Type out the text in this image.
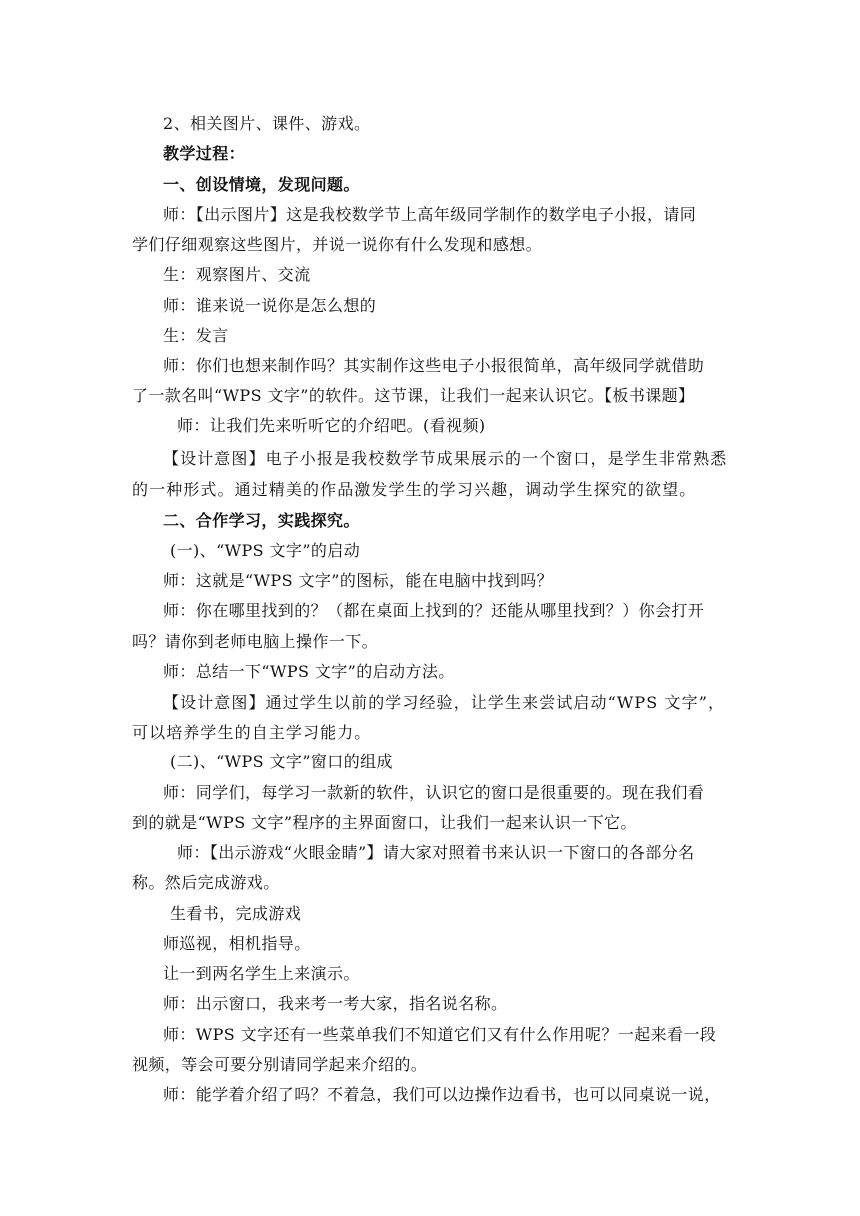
2、相关图片、课件、游戏。
教学过程：
一、创设情境，发现问题。
师：【出示图片】这是我校数学节上高年级同学制作的数学电子小报，请同
学们仔细观察这些图片，并说一说你有什么发现和感想。
生：观察图片、交流
师：谁来说一说你是怎么想的
生：发言
师：你们也想来制作吗？其实制作这些电子小报很简单，高年级同学就借助
了一款名叫“WPS 文字”的软件。这节课，让我们一起来认识它。【板书课题】
师：让我们先来听听它的介绍吧。(看视频)
【设计意图】电子小报是我校数学节成果展示的一个窗口，是学生非常熟悉
的一种形式。通过精美的作品激发学生的学习兴趣，调动学生探究的欲望。
二、合作学习，实践探究。
(一)、“WPS 文字”的启动
师：这就是“WPS 文字”的图标，能在电脑中找到吗？
师：你在哪里找到的？（都在桌面上找到的？还能从哪里找到？）你会打开
吗？请你到老师电脑上操作一下。
师：总结一下“WPS 文字”的启动方法。
【设计意图】通过学生以前的学习经验，让学生来尝试启动“WPS 文字”，
可以培养学生的自主学习能力。
(二)、“WPS 文字”窗口的组成
师：同学们，每学习一款新的软件，认识它的窗口是很重要的。现在我们看
到的就是“WPS 文字”程序的主界面窗口，让我们一起来认识一下它。
师：【出示游戏“火眼金睛”】请大家对照着书来认识一下窗口的各部分名
称。然后完成游戏。
生看书，完成游戏
师巡视，相机指导。
让一到两名学生上来演示。
师：出示窗口，我来考一考大家，指名说名称。
师：WPS 文字还有一些菜单我们不知道它们又有什么作用呢？一起来看一段
视频，等会可要分别请同学起来介绍的。
师：能学着介绍了吗？不着急，我们可以边操作边看书，也可以同桌说一说，
